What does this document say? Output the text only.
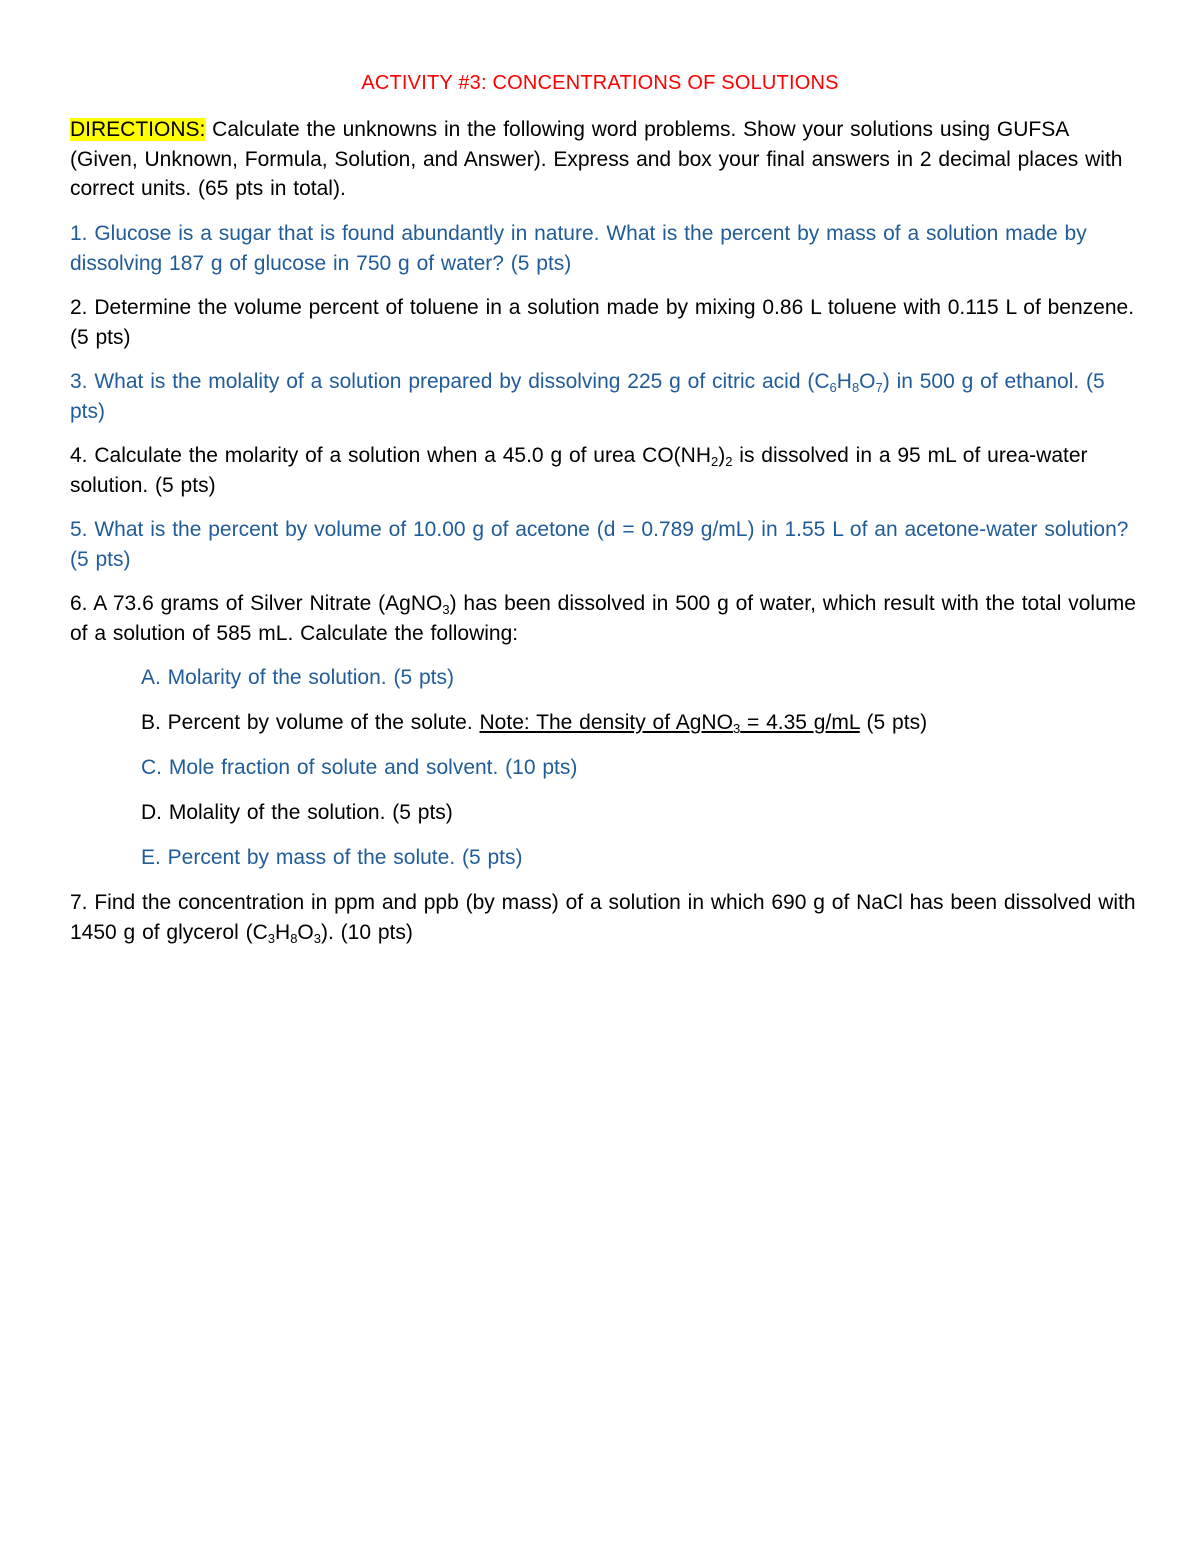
ACTIVITY #3: CONCENTRATIONS OF SOLUTIONS
DIRECTIONS: Calculate the unknowns in the following word problems. Show your solutions using GUFSA (Given, Unknown, Formula, Solution, and Answer). Express and box your final answers in 2 decimal places with correct units. (65 pts in total).
1. Glucose is a sugar that is found abundantly in nature. What is the percent by mass of a solution made by dissolving 187 g of glucose in 750 g of water? (5 pts)
2. Determine the volume percent of toluene in a solution made by mixing 0.86 L toluene with 0.115 L of benzene. (5 pts)
3. What is the molality of a solution prepared by dissolving 225 g of citric acid $(C_6H_8O_7)$ in 500 g of ethanol. (5 pts)
4. Calculate the molarity of a solution when a 45.0 g of urea $CO(NH_2)_2$ is dissolved in a 95 mL of urea-water solution. (5 pts)
5. What is the percent by volume of 10.00 g of acetone (d = 0.789 g/mL) in 1.55 L of an acetone-water solution? (5 pts)
6. A 73.6 grams of Silver Nitrate (AgNO$_3$) has been dissolved in 500 g of water, which result with the total volume of a solution of 585 mL. Calculate the following:
A. Molarity of the solution. (5 pts)
B. Percent by volume of the solute. Note: The density of AgNO$_3$ = 4.35 g/mL (5 pts)
C. Mole fraction of solute and solvent. (10 pts)
D. Molality of the solution. (5 pts)
E. Percent by mass of the solute. (5 pts)
7. Find the concentration in ppm and ppb (by mass) of a solution in which 690 g of NaCl has been dissolved with 1450 g of glycerol $(C_3H_8O_3)$. (10 pts)
